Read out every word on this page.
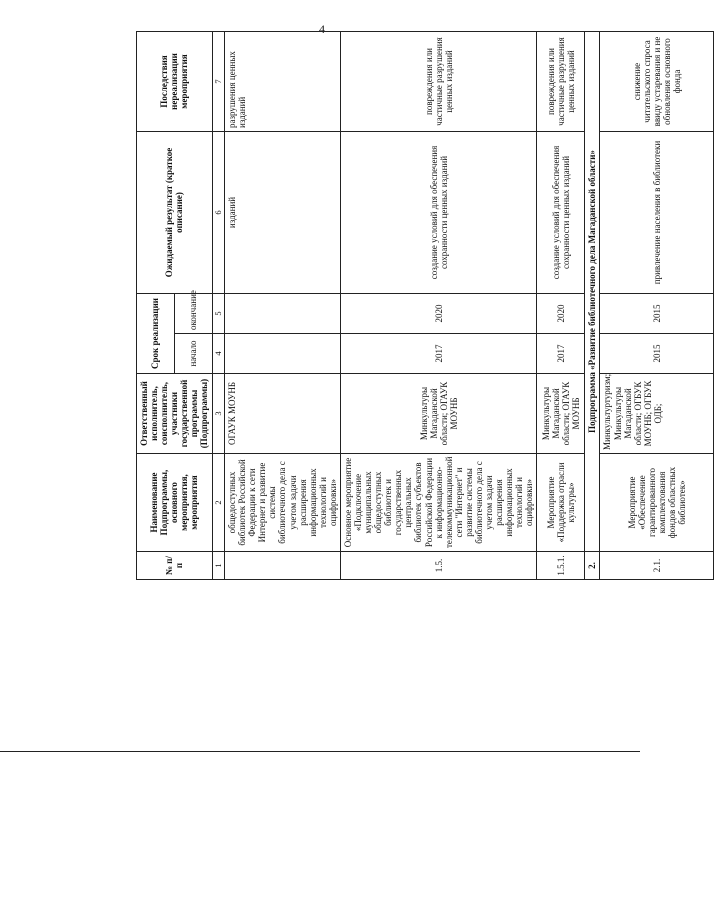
4
№ п/п	Наименование Подпрограммы, основного мероприятия, мероприятия	Ответственный исполнитель, соисполнитель, участники государственной программы (Подпрограммы)	Срок реализации		Ожидаемый результат (краткое описание)	Последствия нереализации мероприятия
			начало	окончание		
1	2	3	4	5	6	7
	общедоступных библиотек Российской Федерации к сети Интернет и развитие системы библиотечного дела с учетом задачи расширения информационных технологий и оцифровки»	ОГАУК МОУНБ			изданий	разрушения ценных изданий
1.5.	Основное мероприятие «Подключение муниципальных общедоступных библиотек и государственных центральных библиотек субъектов Российской Федерации к информационно-телекоммуникационной сети "Интернет" и развитие системы библиотечного дела с учетом задачи расширения информационных технологий и оцифровки»	Минкультуры Магаданской области; ОГАУК МОУНБ	2017	2020	создание условий для обеспечения сохранности ценных изданий	повреждения или частичные разрушения ценных изданий
1.5.1.	Мероприятие «Поддержка отрасли культуры»	Минкультуры Магаданской области; ОГАУК МОУНБ	2017	2020	создание условий для обеспечения сохранности ценных изданий	повреждения или частичные разрушения ценных изданий
2.	Подпрограмма «Развитие библиотечного дела Магаданской области»					
2.1.	Мероприятие «Обеспечение гарантированного комплектования фондов областных библиотек»	Минкультуртуризм; Минкультуры Магаданской области; ОГБУК МОУНБ; ОГБУК ОДБ;	2015	2015	привлечение населения в библиотеки	снижение читательского спроса ввиду устаревания и не обновления основного фонда
